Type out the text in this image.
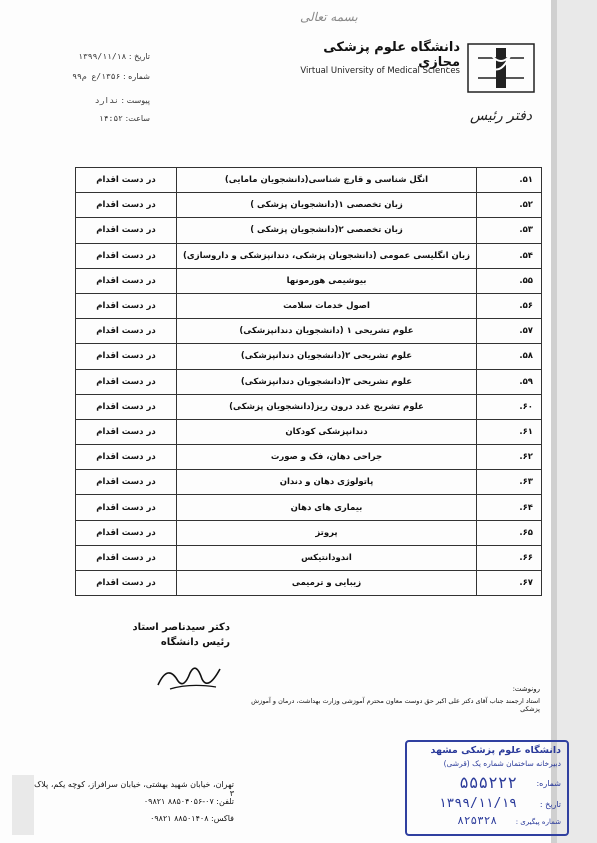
بسمه تعالی
دفتر رئیس
دانشگاه علوم پزشکی مجازی
Virtual University of Medical Sciences
تاریخ : ۱۳۹۹/۱۱/۱۸
شماره : ۱۳۵۶/ع م۹۹
پیوست : ندارد
ساعت: ۱۴:۵۲
۵۱.	انگل شناسی و قارچ شناسی(دانشجویان مامایی)	در دست اقدام
۵۲.	زبان تخصصی ۱(دانشجویان پزشکی )	در دست اقدام
۵۳.	زبان تخصصی ۲(دانشجویان پزشکی )	در دست اقدام
۵۴.	زبان انگلیسی عمومی (دانشجویان پزشکی، دندانپزشکی و داروسازی)	در دست اقدام
۵۵.	بیوشیمی هورمونها	در دست اقدام
۵۶.	اصول خدمات سلامت	در دست اقدام
۵۷.	علوم تشریحی ۱ (دانشجویان دندانپزشکی)	در دست اقدام
۵۸.	علوم تشریحی ۲(دانشجویان دندانپزشکی)	در دست اقدام
۵۹.	علوم تشریحی ۳(دانشجویان دندانپزشکی)	در دست اقدام
۶۰.	علوم تشریح غدد درون ریز(دانشجویان پزشکی)	در دست اقدام
۶۱.	دندانپزشکی کودکان	در دست اقدام
۶۲.	جراحی دهان، فک و صورت	در دست اقدام
۶۳.	پاتولوژی دهان و دندان	در دست اقدام
۶۴.	بیماری های دهان	در دست اقدام
۶۵.	پروتز	در دست اقدام
۶۶.	اندودانتیکس	در دست اقدام
۶۷.	زیبایی و ترمیمی	در دست اقدام
دکتر سیدناصر استاد
رئیس دانشگاه
رونوشت:
استاد ارجمند جناب آقای دکتر علی اکبر حق دوست معاون محترم آموزشی وزارت بهداشت، درمان و آموزش پزشکی
دانشگاه علوم پزشکی مشهد
دبیرخانه ساختمان شماره یک (قرشی)
شماره:
۵۵۵۲۲۲
تاریخ :
۱۳۹۹/۱۱/۱۹
شماره پیگیری :
۸۲۵۳۲۸
تهران، خیابان شهید بهشتی، خیابان سرافراز، کوچه یکم، پلاک ۳
تلفن: ۰۷-۸۸۵۰۴۰۵۶ ۰۹۸۲۱
فاکس: ۸۸۵۰۱۴۰۸ ۰۹۸۲۱
